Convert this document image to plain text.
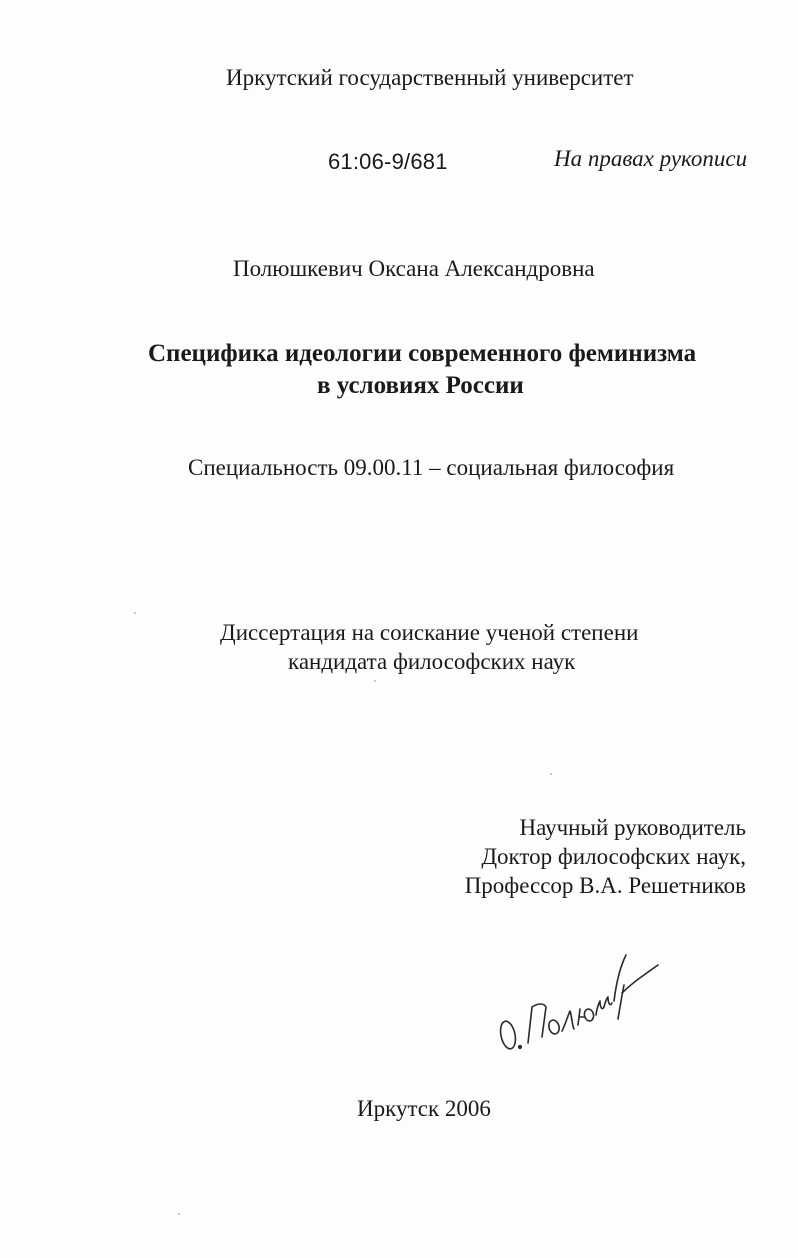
Иркутский государственный университет
61:06-9/681	На правах рукописи
Полюшкевич Оксана Александровна
Специфика идеологии современного феминизма
в условиях России
Специальность 09.00.11 – социальная философия
Диссертация на соискание ученой степени
кандидата философских наук
Научный руководитель
Доктор философских наук,
Профессор В.А. Решетников
Иркутск 2006
